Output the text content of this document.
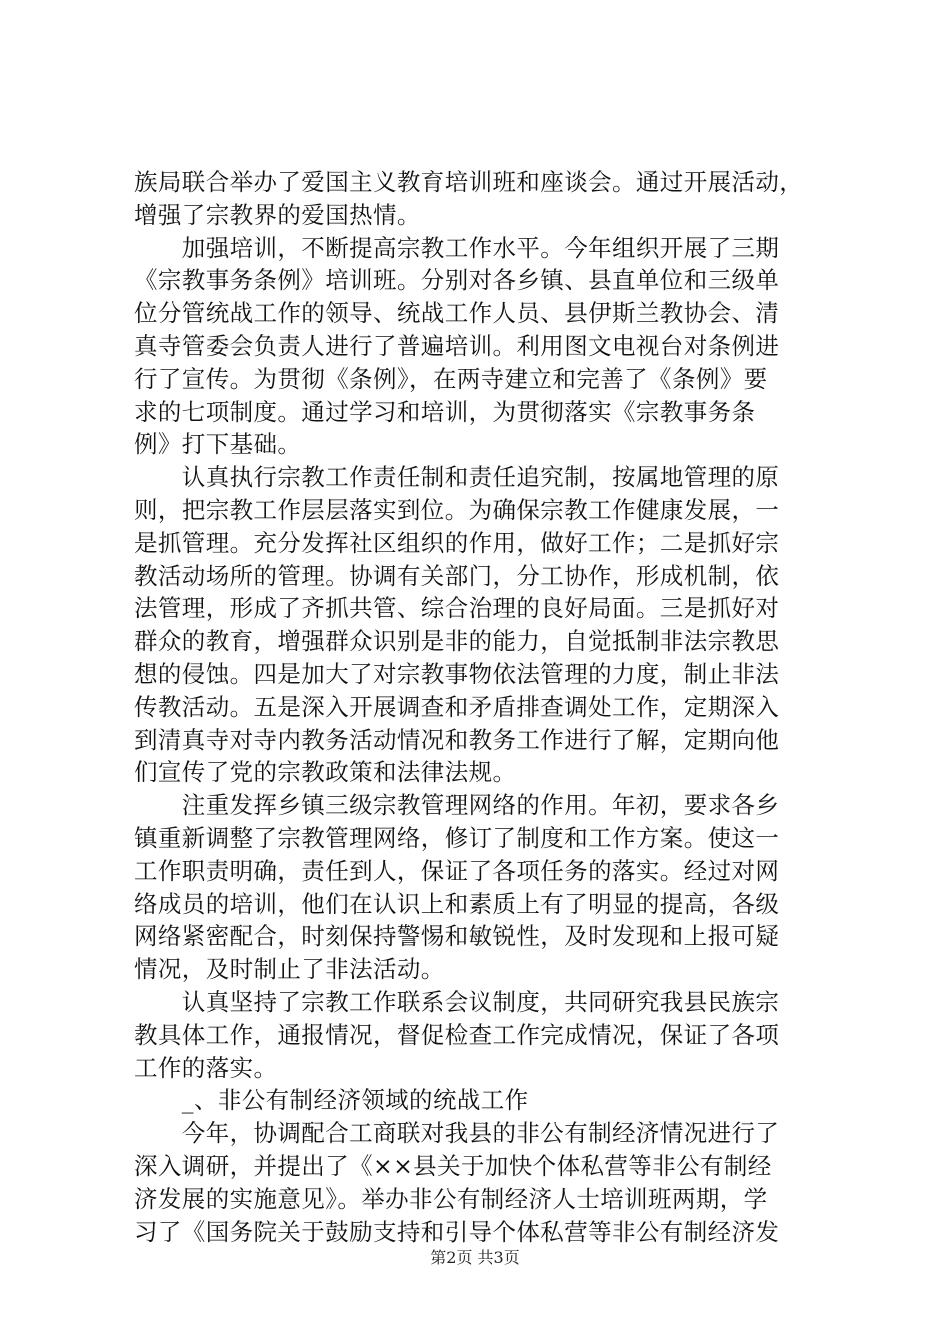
族局联合举办了爱国主义教育培训班和座谈会。通过开展活动，
增强了宗教界的爱国热情。
　　加强培训，不断提高宗教工作水平。今年组织开展了三期
《宗教事务条例》培训班。分别对各乡镇、县直单位和三级单
位分管统战工作的领导、统战工作人员、县伊斯兰教协会、清
真寺管委会负责人进行了普遍培训。利用图文电视台对条例进
行了宣传。为贯彻《条例》，在两寺建立和完善了《条例》要
求的七项制度。通过学习和培训，为贯彻落实《宗教事务条
例》打下基础。
　　认真执行宗教工作责任制和责任追究制，按属地管理的原
则，把宗教工作层层落实到位。为确保宗教工作健康发展，一
是抓管理。充分发挥社区组织的作用，做好工作；二是抓好宗
教活动场所的管理。协调有关部门，分工协作，形成机制，依
法管理，形成了齐抓共管、综合治理的良好局面。三是抓好对
群众的教育，增强群众识别是非的能力，自觉抵制非法宗教思
想的侵蚀。四是加大了对宗教事物依法管理的力度，制止非法
传教活动。五是深入开展调查和矛盾排查调处工作，定期深入
到清真寺对寺内教务活动情况和教务工作进行了解，定期向他
们宣传了党的宗教政策和法律法规。
　　注重发挥乡镇三级宗教管理网络的作用。年初，要求各乡
镇重新调整了宗教管理网络，修订了制度和工作方案。使这一
工作职责明确，责任到人，保证了各项任务的落实。经过对网
络成员的培训，他们在认识上和素质上有了明显的提高，各级
网络紧密配合，时刻保持警惕和敏锐性，及时发现和上报可疑
情况，及时制止了非法活动。
　　认真坚持了宗教工作联系会议制度，共同研究我县民族宗
教具体工作，通报情况，督促检查工作完成情况，保证了各项
工作的落实。
　　_、非公有制经济领域的统战工作
　　今年，协调配合工商联对我县的非公有制经济情况进行了
深入调研，并提出了《××县关于加快个体私营等非公有制经
济发展的实施意见》。举办非公有制经济人士培训班两期，学
习了《国务院关于鼓励支持和引导个体私营等非公有制经济发
第2页 共3页
